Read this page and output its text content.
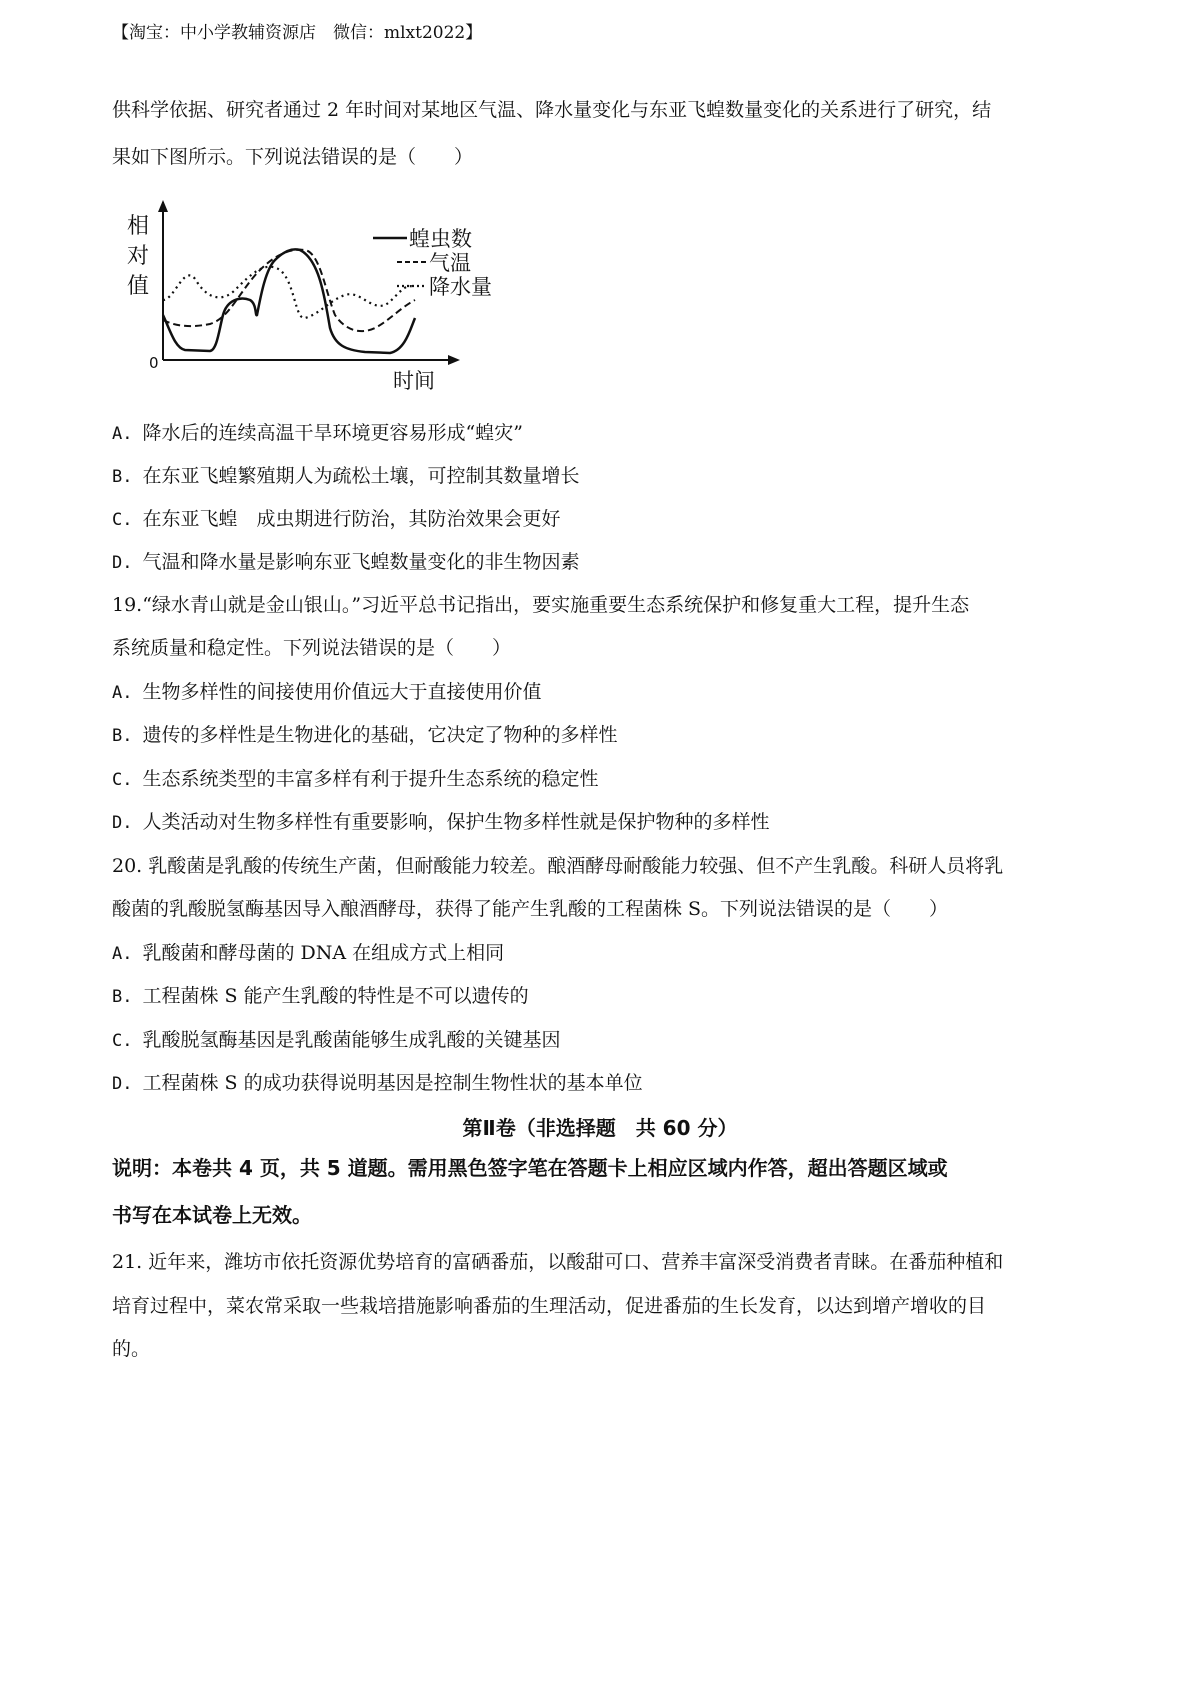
【淘宝：中小学教辅资源店　微信：mlxt2022】
供科学依据、研究者通过 2 年时间对某地区气温、降水量变化与东亚飞蝗数量变化的关系进行了研究，结
果如下图所示。下列说法错误的是（　　）
相
对
值
0
时间
蝗虫数
气温
降水量
A. 降水后的连续高温干旱环境更容易形成“蝗灾”
B. 在东亚飞蝗繁殖期人为疏松土壤，可控制其数量增长
C. 在东亚飞蝗　成虫期进行防治，其防治效果会更好
D. 气温和降水量是影响东亚飞蝗数量变化的非生物因素
19.“绿水青山就是金山银山。”习近平总书记指出，要实施重要生态系统保护和修复重大工程，提升生态
系统质量和稳定性。下列说法错误的是（　　）
A. 生物多样性的间接使用价值远大于直接使用价值
B. 遗传的多样性是生物进化的基础，它决定了物种的多样性
C. 生态系统类型的丰富多样有利于提升生态系统的稳定性
D. 人类活动对生物多样性有重要影响，保护生物多样性就是保护物种的多样性
20. 乳酸菌是乳酸的传统生产菌，但耐酸能力较差。酿酒酵母耐酸能力较强、但不产生乳酸。科研人员将乳
酸菌的乳酸脱氢酶基因导入酿酒酵母，获得了能产生乳酸的工程菌株 S。下列说法错误的是（　　）
A. 乳酸菌和酵母菌的 DNA 在组成方式上相同
B. 工程菌株 S 能产生乳酸的特性是不可以遗传的
C. 乳酸脱氢酶基因是乳酸菌能够生成乳酸的关键基因
D. 工程菌株 S 的成功获得说明基因是控制生物性状的基本单位
第Ⅱ卷（非选择题　共 60 分）
说明：本卷共 4 页，共 5 道题。需用黑色签字笔在答题卡上相应区域内作答，超出答题区域或
书写在本试卷上无效。
21. 近年来，潍坊市依托资源优势培育的富硒番茄，以酸甜可口、营养丰富深受消费者青睐。在番茄种植和
培育过程中，菜农常采取一些栽培措施影响番茄的生理活动，促进番茄的生长发育，以达到增产增收的目
的。
